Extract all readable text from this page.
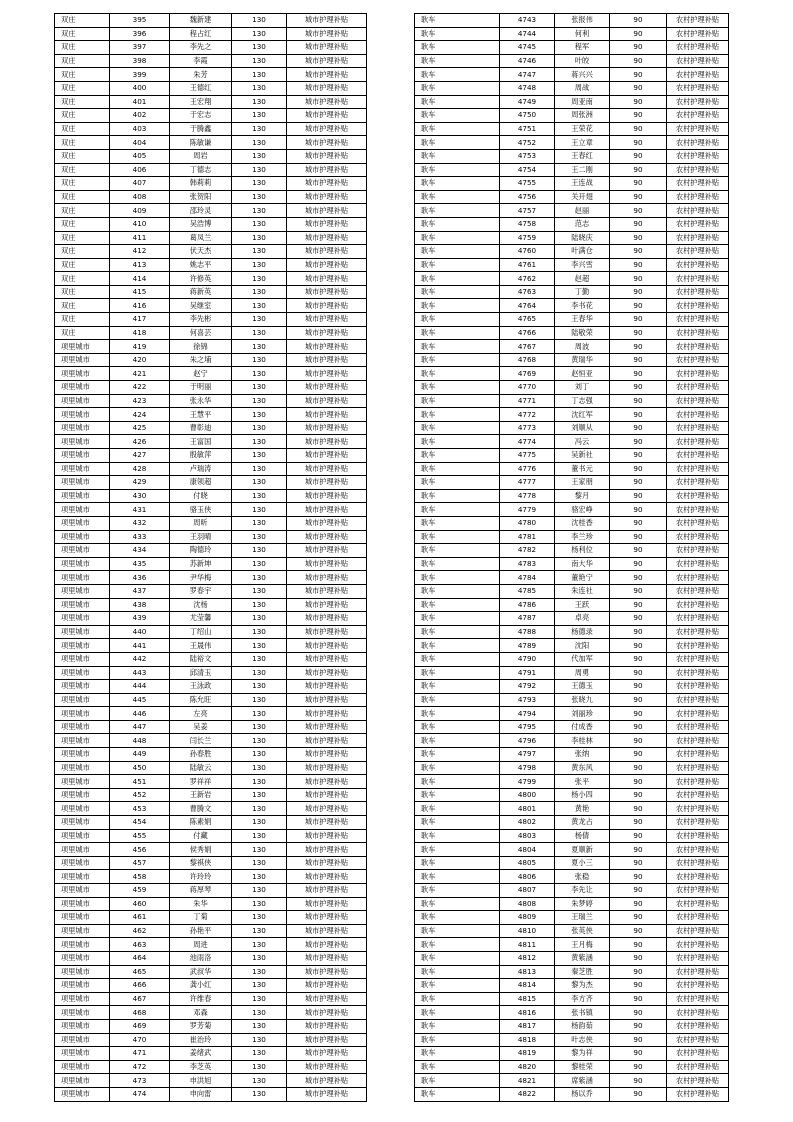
双庄	395	魏新建	130	城市护理补贴
双庄	396	程占红	130	城市护理补贴
双庄	397	李先之	130	城市护理补贴
双庄	398	李霞	130	城市护理补贴
双庄	399	朱芳	130	城市护理补贴
双庄	400	王德红	130	城市护理补贴
双庄	401	王宏翔	130	城市护理补贴
双庄	402	于宏志	130	城市护理补贴
双庄	403	于腾鑫	130	城市护理补贴
双庄	404	陈敏谦	130	城市护理补贴
双庄	405	周岩	130	城市护理补贴
双庄	406	丁德志	130	城市护理补贴
双庄	407	韩莉莉	130	城市护理补贴
双庄	408	张贺阳	130	城市护理补贴
双庄	409	邵玲灵	130	城市护理补贴
双庄	410	吴浩博	130	城市护理补贴
双庄	411	葛凤兰	130	城市护理补贴
双庄	412	伏天杰	130	城市护理补贴
双庄	413	姚志平	130	城市护理补贴
双庄	414	许修英	130	城市护理补贴
双庄	415	蒋新英	130	城市护理补贴
双庄	416	吴继室	130	城市护理补贴
双庄	417	李先彬	130	城市护理补贴
双庄	418	何喜芸	130	城市护理补贴
项里城市	419	徐锦	130	城市护理补贴
项里城市	420	朱之埔	130	城市护理补贴
项里城市	421	赵宁	130	城市护理补贴
项里城市	422	于明丽	130	城市护理补贴
项里城市	423	张永华	130	城市护理补贴
项里城市	424	王慧平	130	城市护理补贴
项里城市	425	曹彰迪	130	城市护理补贴
项里城市	426	王富国	130	城市护理补贴
项里城市	427	殷敏萍	130	城市护理补贴
项里城市	428	卢瑞涛	130	城市护理补贴
项里城市	429	康领超	130	城市护理补贴
项里城市	430	付晓	130	城市护理补贴
项里城市	431	骆玉侠	130	城市护理补贴
项里城市	432	周昕	130	城市护理补贴
项里城市	433	王羽晴	130	城市护理补贴
项里城市	434	陶德玲	130	城市护理补贴
项里城市	435	苏新坤	130	城市护理补贴
项里城市	436	尹华梅	130	城市护理补贴
项里城市	437	罗春宇	130	城市护理补贴
项里城市	438	沈杨	130	城市护理补贴
项里城市	439	尤莹馨	130	城市护理补贴
项里城市	440	丁绍山	130	城市护理补贴
项里城市	441	王晟伟	130	城市护理补贴
项里城市	442	陆裕文	130	城市护理补贴
项里城市	443	邱清玉	130	城市护理补贴
项里城市	444	王泳政	130	城市护理补贴
项里城市	445	陈允旺	130	城市护理补贴
项里城市	446	左亮	130	城市护理补贴
项里城市	447	吴姜	130	城市护理补贴
项里城市	448	闫长兰	130	城市护理补贴
项里城市	449	孙春胜	130	城市护理补贴
项里城市	450	陆敏云	130	城市护理补贴
项里城市	451	罗祥祥	130	城市护理补贴
项里城市	452	王新岩	130	城市护理补贴
项里城市	453	曹腾文	130	城市护理补贴
项里城市	454	陈素娟	130	城市护理补贴
项里城市	455	付藏	130	城市护理补贴
项里城市	456	侯秀娟	130	城市护理补贴
项里城市	457	黎祺侠	130	城市护理补贴
项里城市	458	许玲玲	130	城市护理补贴
项里城市	459	蒋厚琴	130	城市护理补贴
项里城市	460	朱华	130	城市护理补贴
项里城市	461	丁菊	130	城市护理补贴
项里城市	462	孙艳平	130	城市护理补贴
项里城市	463	周进	130	城市护理补贴
项里城市	464	池雨洛	130	城市护理补贴
项里城市	465	武叔华	130	城市护理补贴
项里城市	466	龚小红	130	城市护理补贴
项里城市	467	许维春	130	城市护理补贴
项里城市	468	邓森	130	城市护理补贴
项里城市	469	罗芳菊	130	城市护理补贴
项里城市	470	崔治玲	130	城市护理补贴
项里城市	471	姜绪武	130	城市护理补贴
项里城市	472	李芝英	130	城市护理补贴
项里城市	473	申洪旭	130	城市护理补贴
项里城市	474	申向雷	130	城市护理补贴
耿车	4743	张报伟	90	农村护理补贴
耿车	4744	何利	90	农村护理补贴
耿车	4745	程军	90	农村护理补贴
耿车	4746	叶皎	90	农村护理补贴
耿车	4747	蒋兴兴	90	农村护理补贴
耿车	4748	周战	90	农村护理补贴
耿车	4749	周亚南	90	农村护理补贴
耿车	4750	周张洲	90	农村护理补贴
耿车	4751	王荣花	90	农村护理补贴
耿车	4752	王立章	90	农村护理补贴
耿车	4753	王春红	90	农村护理补贴
耿车	4754	王二刚	90	农村护理补贴
耿车	4755	王连战	90	农村护理补贴
耿车	4756	关开翅	90	农村护理补贴
耿车	4757	赵丽	90	农村护理补贴
耿车	4758	范志	90	农村护理补贴
耿车	4759	陆晓庆	90	农村护理补贴
耿车	4760	叶满仓	90	农村护理补贴
耿车	4761	李兴雪	90	农村护理补贴
耿车	4762	赵超	90	农村护理补贴
耿车	4763	丁勤	90	农村护理补贴
耿车	4764	李书花	90	农村护理补贴
耿车	4765	王春华	90	农村护理补贴
耿车	4766	陆敬荣	90	农村护理补贴
耿车	4767	周波	90	农村护理补贴
耿车	4768	黄瑞华	90	农村护理补贴
耿车	4769	赵恒亚	90	农村护理补贴
耿车	4770	刘丁	90	农村护理补贴
耿车	4771	丁志强	90	农村护理补贴
耿车	4772	沈红军	90	农村护理补贴
耿车	4773	刘顺从	90	农村护理补贴
耿车	4774	冯云	90	农村护理补贴
耿车	4775	吴新社	90	农村护理补贴
耿车	4776	董书元	90	农村护理补贴
耿车	4777	王家朋	90	农村护理补贴
耿车	4778	黎月	90	农村护理补贴
耿车	4779	骆宏峥	90	农村护理补贴
耿车	4780	沈桂香	90	农村护理补贴
耿车	4781	李兰珍	90	农村护理补贴
耿车	4782	杨利位	90	农村护理补贴
耿车	4783	南大华	90	农村护理补贴
耿车	4784	董艳宁	90	农村护理补贴
耿车	4785	朱连社	90	农村护理补贴
耿车	4786	王跃	90	农村护理补贴
耿车	4787	卓亮	90	农村护理补贴
耿车	4788	杨德录	90	农村护理补贴
耿车	4789	沈阳	90	农村护理补贴
耿车	4790	代加军	90	农村护理补贴
耿车	4791	周勇	90	农村护理补贴
耿车	4792	王德玉	90	农村护理补贴
耿车	4793	张晓九	90	农村护理补贴
耿车	4794	刘丽珍	90	农村护理补贴
耿车	4795	付成香	90	农村护理补贴
耿车	4796	李桂林	90	农村护理补贴
耿车	4797	张纳	90	农村护理补贴
耿车	4798	黄东风	90	农村护理补贴
耿车	4799	张平	90	农村护理补贴
耿车	4800	杨小四	90	农村护理补贴
耿车	4801	黄艳	90	农村护理补贴
耿车	4802	黄龙占	90	农村护理补贴
耿车	4803	杨倩	90	农村护理补贴
耿车	4804	夏顺新	90	农村护理补贴
耿车	4805	夏小三	90	农村护理补贴
耿车	4806	张稳	90	农村护理补贴
耿车	4807	李先让	90	农村护理补贴
耿车	4808	朱梦婷	90	农村护理补贴
耿车	4809	王瑞兰	90	农村护理补贴
耿车	4810	张英侠	90	农村护理补贴
耿车	4811	王月梅	90	农村护理补贴
耿车	4812	黄紫涵	90	农村护理补贴
耿车	4813	秦芝胜	90	农村护理补贴
耿车	4814	黎为杰	90	农村护理补贴
耿车	4815	李方齐	90	农村护理补贴
耿车	4816	张书镇	90	农村护理补贴
耿车	4817	杨韵茹	90	农村护理补贴
耿车	4818	叶志侠	90	农村护理补贴
耿车	4819	黎为祥	90	农村护理补贴
耿车	4820	黎桂荣	90	农村护理补贴
耿车	4821	席紫涵	90	农村护理补贴
耿车	4822	杨以乔	90	农村护理补贴
